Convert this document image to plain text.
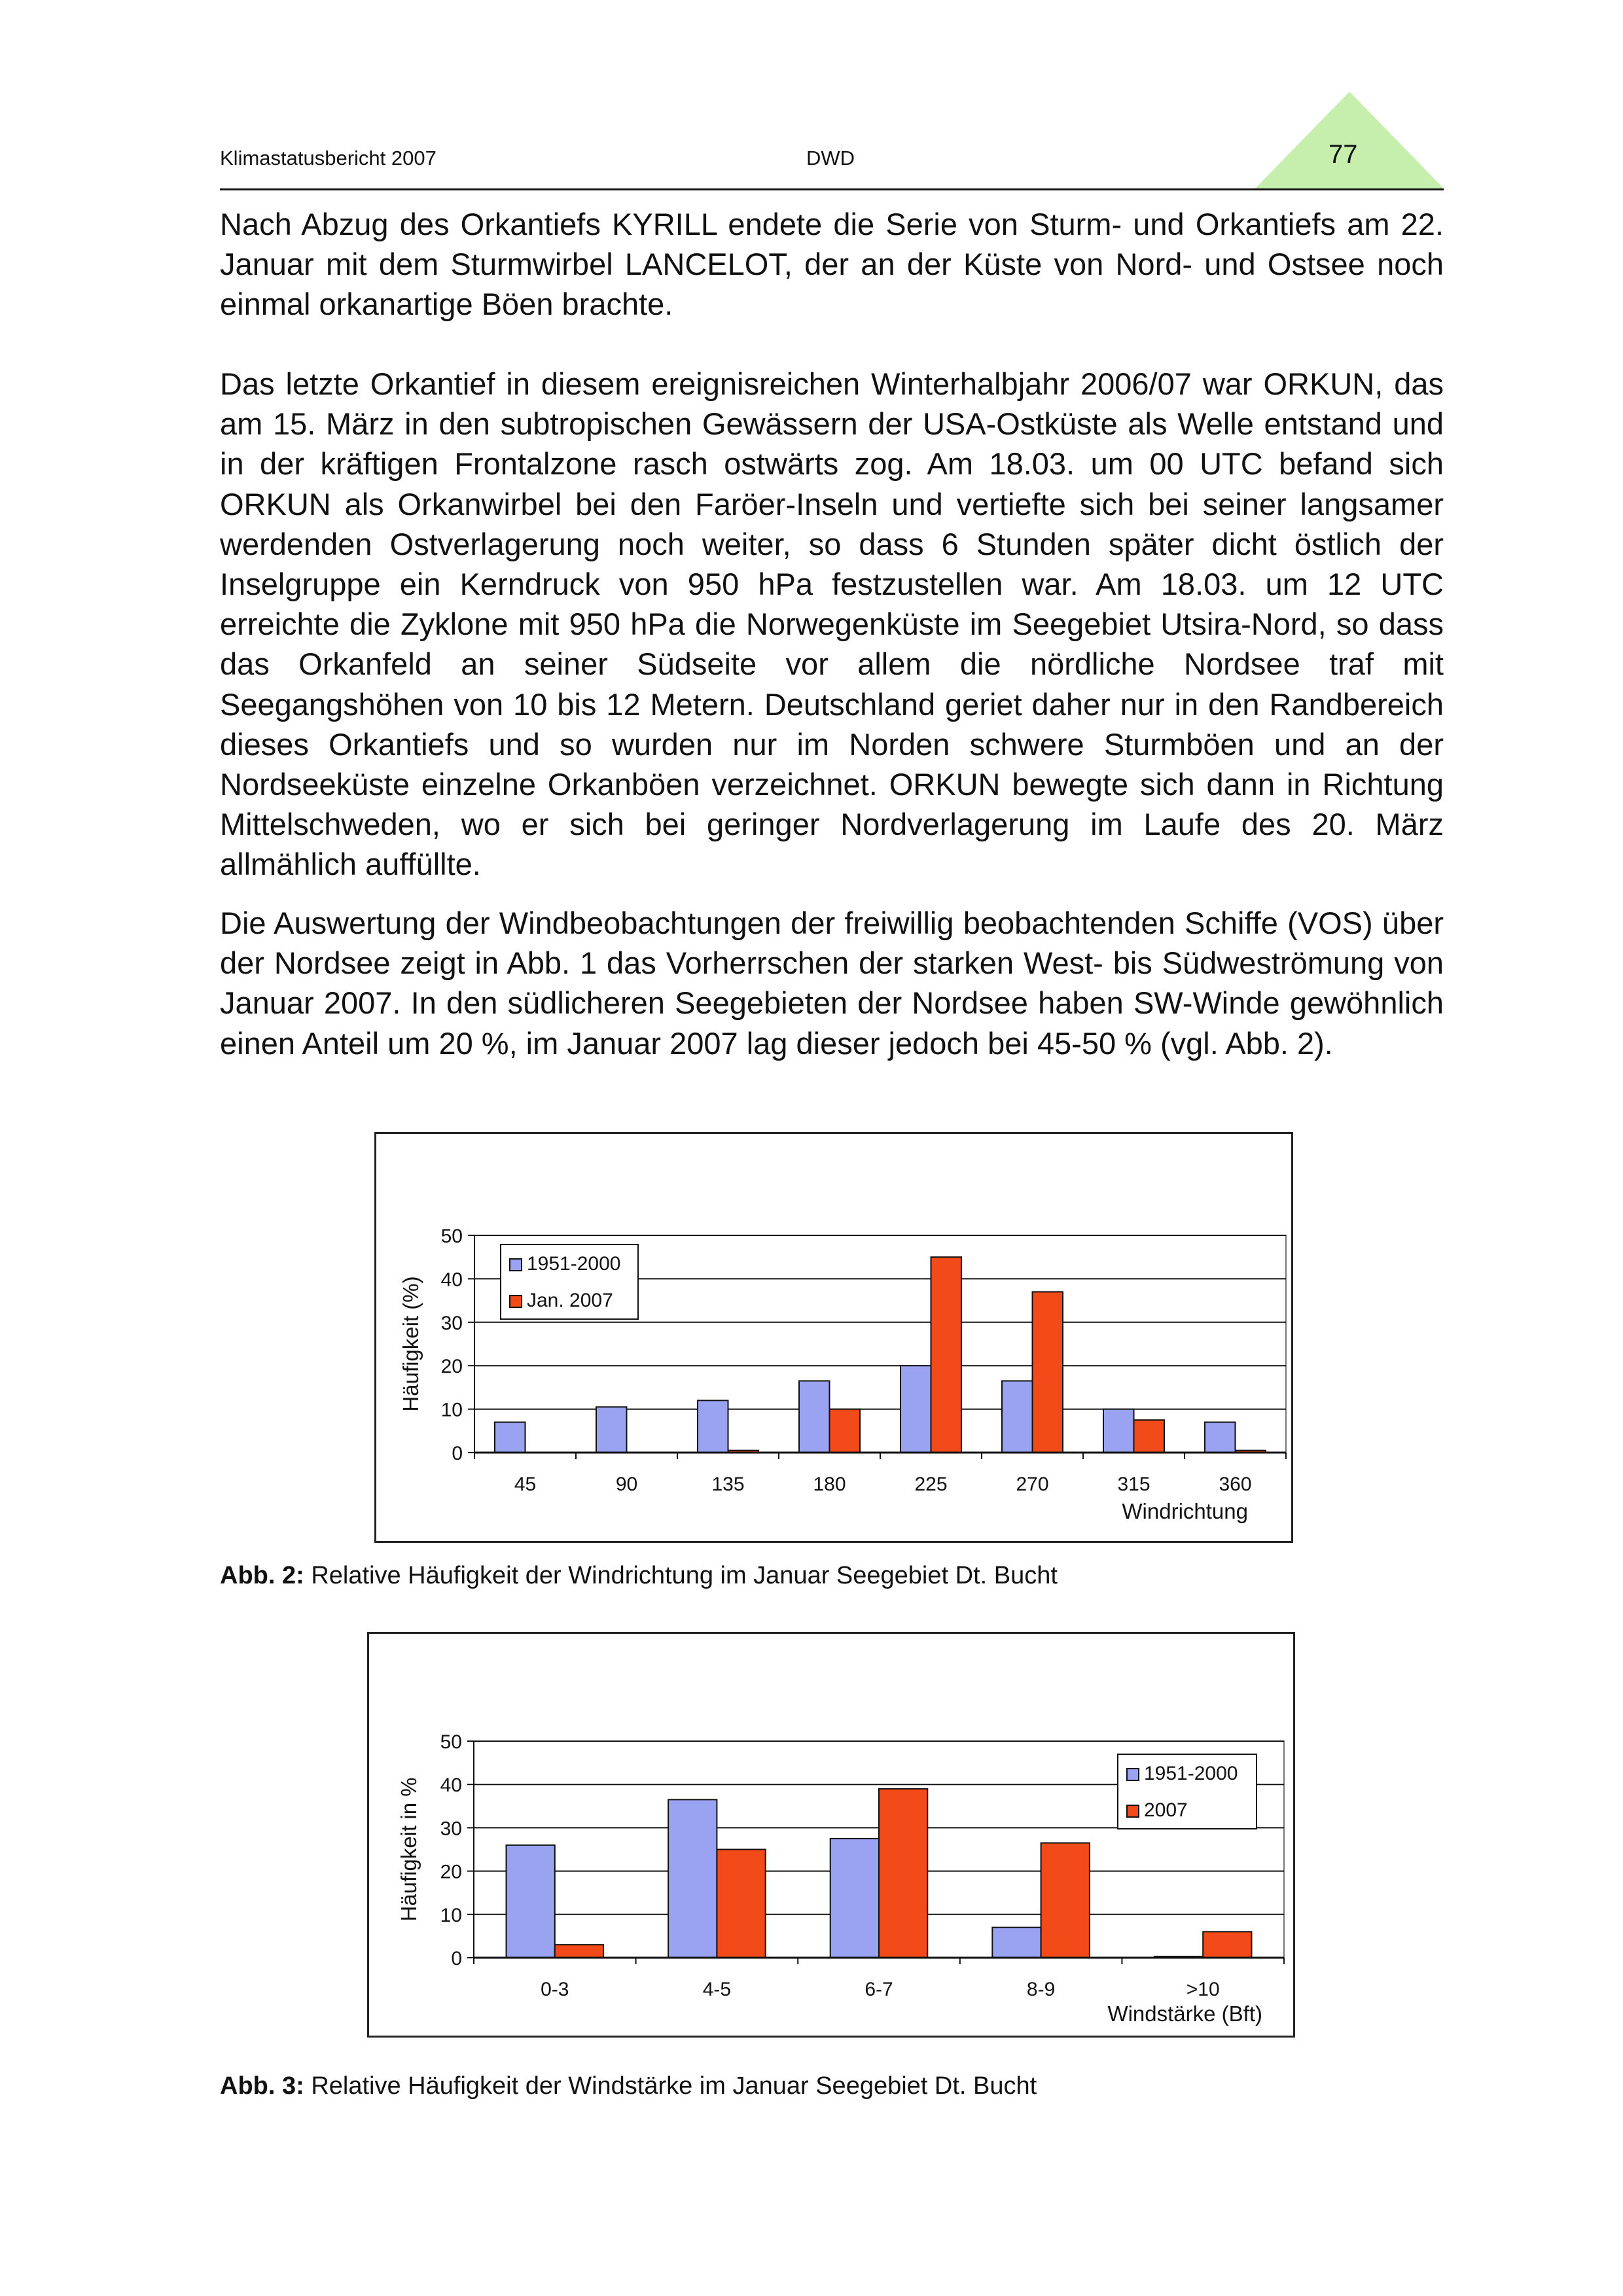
Klimastatusbericht 2007	DWD	77

Nach Abzug des Orkantiefs KYRILL endete die Serie von Sturm- und Orkantiefs am 22. Januar mit dem Sturmwirbel LANCELOT, der an der Küste von Nord- und Ostsee noch einmal orkanartige Böen brachte.

Das letzte Orkantief in diesem ereignisreichen Winterhalbjahr 2006/07 war ORKUN, das am 15. März in den subtropischen Gewässern der USA-Ostküste als Welle entstand und in der kräftigen Frontalzone rasch ostwärts zog. Am 18.03. um 00 UTC befand sich ORKUN als Orkanwirbel bei den Faröer-Inseln und vertiefte sich bei seiner langsamer werdenden Ostverlagerung noch weiter, so dass 6 Stunden später dicht östlich der Inselgruppe ein Kerndruck von 950 hPa festzustellen war. Am 18.03. um 12 UTC erreichte die Zyklone mit 950 hPa die Norwegenküste im Seegebiet Utsira-Nord, so dass das Orkanfeld an seiner Südseite vor allem die nördliche Nordsee traf mit Seegangshöhen von 10 bis 12 Metern. Deutschland geriet daher nur in den Randbereich dieses Orkantiefs und so wurden nur im Norden schwere Sturmböen und an der Nordseeküste einzelne Orkanböen verzeichnet. ORKUN bewegte sich dann in Richtung Mittelschweden, wo er sich bei geringer Nordverlagerung im Laufe des 20. März allmählich auffüllte.

Die Auswertung der Windbeobachtungen der freiwillig beobachtenden Schiffe (VOS) über der Nordsee zeigt in Abb. 1 das Vorherrschen der starken West- bis Südweströmung von Januar 2007. In den südlicheren Seegebieten der Nordsee haben SW-Winde gewöhnlich einen Anteil um 20 %, im Januar 2007 lag dieser jedoch bei 45-50 % (vgl. Abb. 2).

0
10
20
30
40
50
45	90	135	180	225	270	315	360
Windrichtung
Häufigkeit (%)
1951-2000
Jan. 2007

Abb. 2: Relative Häufigkeit der Windrichtung im Januar Seegebiet Dt. Bucht

0
10
20
30
40
50
0-3	4-5	6-7	8-9	>10
Windstärke (Bft)
Häufigkeit in %
1951-2000
2007

Abb. 3: Relative Häufigkeit der Windstärke im Januar Seegebiet Dt. Bucht
